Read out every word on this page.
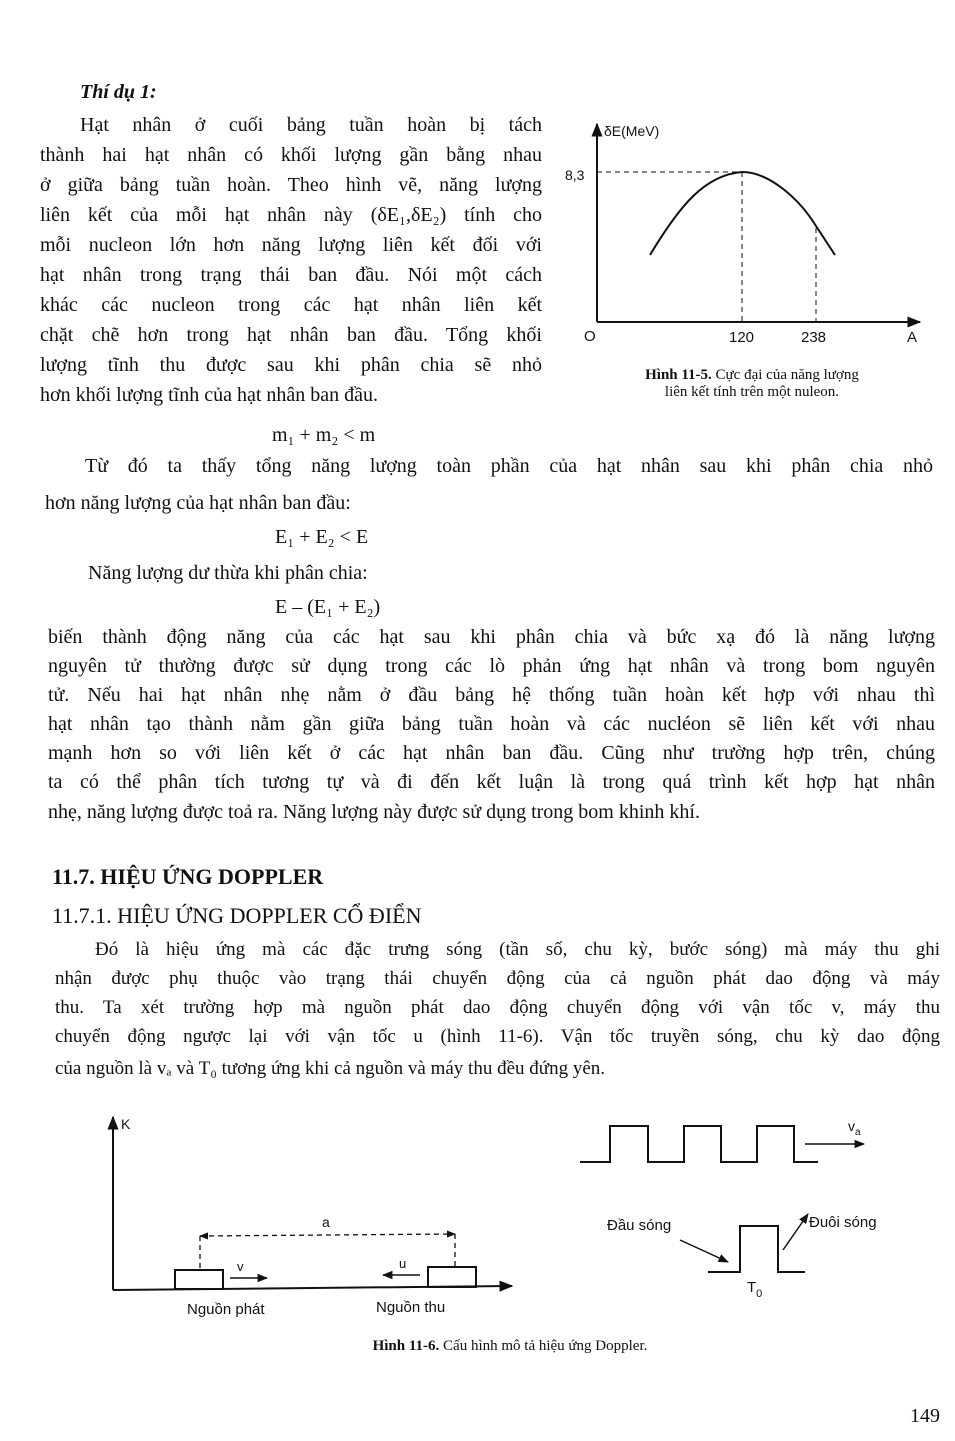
Thí dụ 1:
Hạt nhân ở cuối bảng tuần hoàn bị tách
thành hai hạt nhân có khối lượng gần bằng nhau
ở giữa bảng tuần hoàn. Theo hình vẽ, năng lượng
liên kết của mỗi hạt nhân này (δE₁,δE₂) tính cho
mỗi nucleon lớn hơn năng lượng liên kết đối với
hạt nhân trong trạng thái ban đầu. Nói một cách
khác các nucleon trong các hạt nhân liên kết
chặt chẽ hơn trong hạt nhân ban đầu. Tổng khối
lượng tĩnh thu được sau khi phân chia sẽ nhỏ
hơn khối lượng tĩnh của hạt nhân ban đầu.
m₁ + m₂ < m
Từ đó ta thấy tổng năng lượng toàn phần của hạt nhân sau khi phân chia nhỏ
hơn năng lượng của hạt nhân ban đầu:
E₁ + E₂ < E
Năng lượng dư thừa khi phân chia:
E – (E₁ + E₂)
biến thành động năng của các hạt sau khi phân chia và bức xạ đó là năng lượng
nguyên tử thường được sử dụng trong các lò phản ứng hạt nhân và trong bom nguyên
tử. Nếu hai hạt nhân nhẹ nằm ở đầu bảng hệ thống tuần hoàn kết hợp với nhau thì
hạt nhân tạo thành nằm gần giữa bảng tuần hoàn và các nucléon sẽ liên kết với nhau
mạnh hơn so với liên kết ở các hạt nhân ban đầu. Cũng như trường hợp trên, chúng
ta có thể phân tích tương tự và đi đến kết luận là trong quá trình kết hợp hạt nhân
nhẹ, năng lượng được toả ra. Năng lượng này được sử dụng trong bom khinh khí.
11.7. HIỆU ỨNG DOPPLER
11.7.1. HIỆU ỨNG DOPPLER CỔ ĐIỂN
Đó là hiệu ứng mà các đặc trưng sóng (tần số, chu kỳ, bước sóng) mà máy thu ghi
nhận được phụ thuộc vào trạng thái chuyển động của cả nguồn phát dao động và máy
thu. Ta xét trường hợp mà nguồn phát dao động chuyển động với vận tốc v, máy thu
chuyển động ngược lại với vận tốc u (hình 11-6). Vận tốc truyền sóng, chu kỳ dao động
của nguồn là vₐ và T₀ tương ứng khi cả nguồn và máy thu đều đứng yên.
δE(MeV)
8,3
O	120	238	A
K
a
v	u
Nguồn phát	Nguồn thu
$v_a$
Đầu sóng	Đuôi sóng
$T_0$
Hình 11-5. Cực đại của năng lượng
liên kết tính trên một nuleon.
Hình 11-6. Cấu hình mô tả hiệu ứng Doppler.
149
